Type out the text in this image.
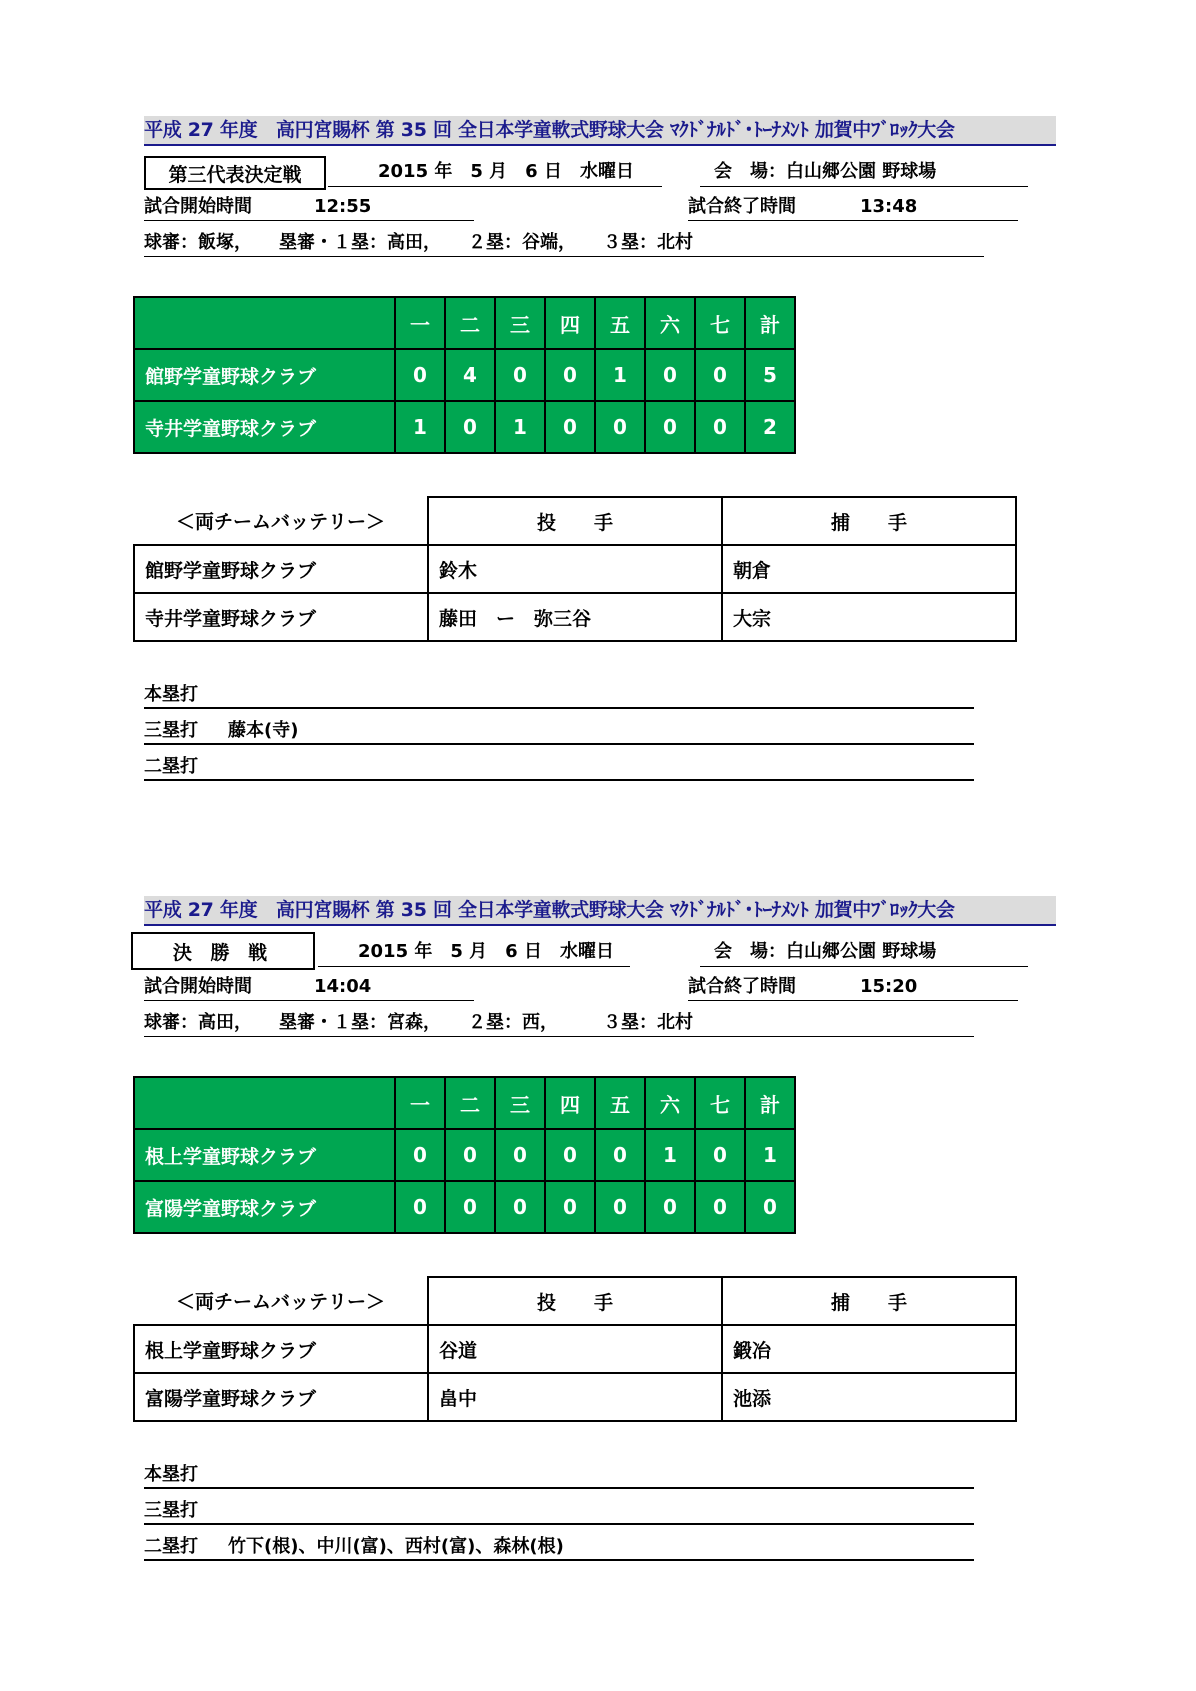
平成 27 年度　高円宮賜杯 第 35 回 全日本学童軟式野球大会 ﾏｸﾄﾞﾅﾙﾄﾞ･ﾄｰﾅﾒﾝﾄ 加賀中ﾌﾞﾛｯｸ大会
第三代表決定戦	2015 年　5 月　6 日　水曜日	会　場：白山郷公園 野球場
試合開始時間	12:55	試合終了時間	13:48
球審：飯塚，　　塁審・１塁：高田，　　２塁：谷端，　　３塁：北村
	一	二	三	四	五	六	七	計
館野学童野球クラブ	0	4	0	0	1	0	0	5
寺井学童野球クラブ	1	0	1	0	0	0	0	2
＜両チームバッテリー＞	投　　手	捕　　手
館野学童野球クラブ	鈴木	朝倉
寺井学童野球クラブ	藤田　ー　弥三谷	大宗
本塁打
三塁打 藤本(寺)
二塁打
平成 27 年度　高円宮賜杯 第 35 回 全日本学童軟式野球大会 ﾏｸﾄﾞﾅﾙﾄﾞ･ﾄｰﾅﾒﾝﾄ 加賀中ﾌﾞﾛｯｸ大会
決 勝 戦	2015 年　5 月　6 日　水曜日	会　場：白山郷公園 野球場
試合開始時間	14:04	試合終了時間	15:20
球審：高田，　　塁審・１塁：宮森，　　２塁：西，　　　３塁：北村
	一	二	三	四	五	六	七	計
根上学童野球クラブ	0	0	0	0	0	1	0	1
富陽学童野球クラブ	0	0	0	0	0	0	0	0
＜両チームバッテリー＞	投　　手	捕　　手
根上学童野球クラブ	谷道	鍛冶
富陽学童野球クラブ	畠中	池添
本塁打
三塁打
二塁打 竹下(根)、中川(富)、西村(富)、森林(根)
